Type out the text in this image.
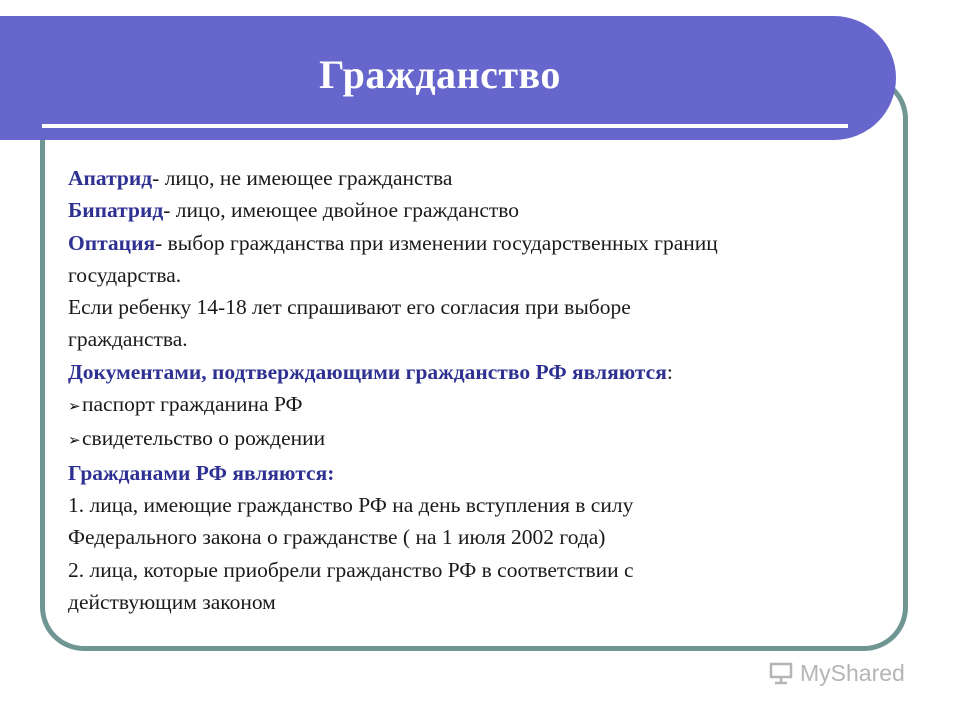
Гражданство
Апатрид- лицо, не имеющее гражданства
Бипатрид- лицо, имеющее двойное гражданство
Оптация- выбор гражданства при изменении государственных границ
государства.
Если ребенку 14-18 лет спрашивают его согласия при выборе
гражданства.
Документами, подтверждающими гражданство РФ являются:
➢паспорт гражданина РФ
➢свидетельство о рождении
Гражданами РФ являются:
1. лица, имеющие гражданство РФ на день вступления в силу
Федерального закона о гражданстве ( на 1 июля 2002 года)
2. лица, которые приобрели гражданство РФ в соответствии с
действующим законом
MyShared
